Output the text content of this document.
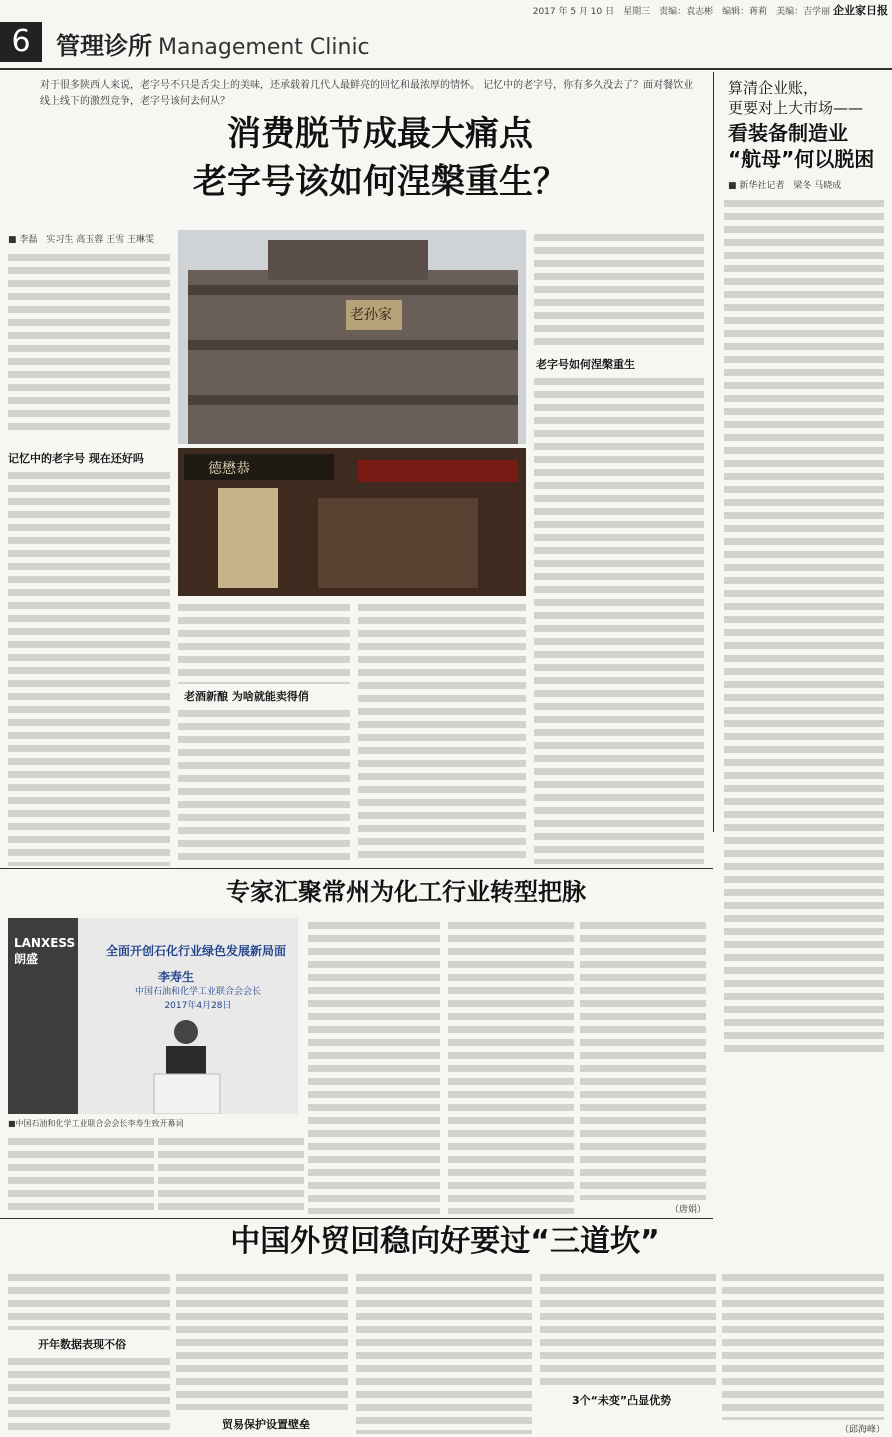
2017 年 5 月 10 日　星期三　责编：袁志彬　编辑：蒋莉　美编：吉学丽 企业家日报
6	管理诊所 Management Clinic
对于很多陕西人来说，老字号不只是舌尖上的美味，还承载着几代人最鲜亮的回忆和最浓厚的情怀。 记忆中的老字号，你有多久没去了？面对餐饮业线上线下的激烈竞争，老字号该何去何从？
消费脱节成最大痛点
老字号该如何涅槃重生？
■ 李磊　实习生 高玉蓉 王雪 王琳雯
记忆中的老字号 现在还好吗
老孙家
德懋恭
老酒新酿 为啥就能卖得俏
老字号如何涅槃重生
算清企业账，
更要对上大市场——
看装备制造业
“航母”何以脱困
■ 新华社记者　梁冬 马晓成
专家汇聚常州为化工行业转型把脉
LANXESS 朗盛
全面开创石化行业绿色发展新局面
李寿生
中国石油和化学工业联合会会长
2017年4月28日
■中国石油和化学工业联合会会长李寿生致开幕词
（唐娟）
中国外贸回稳向好要过“三道坎”
开年数据表现不俗
贸易保护设置壁垒
3个“未变”凸显优势
（邱海峰）
